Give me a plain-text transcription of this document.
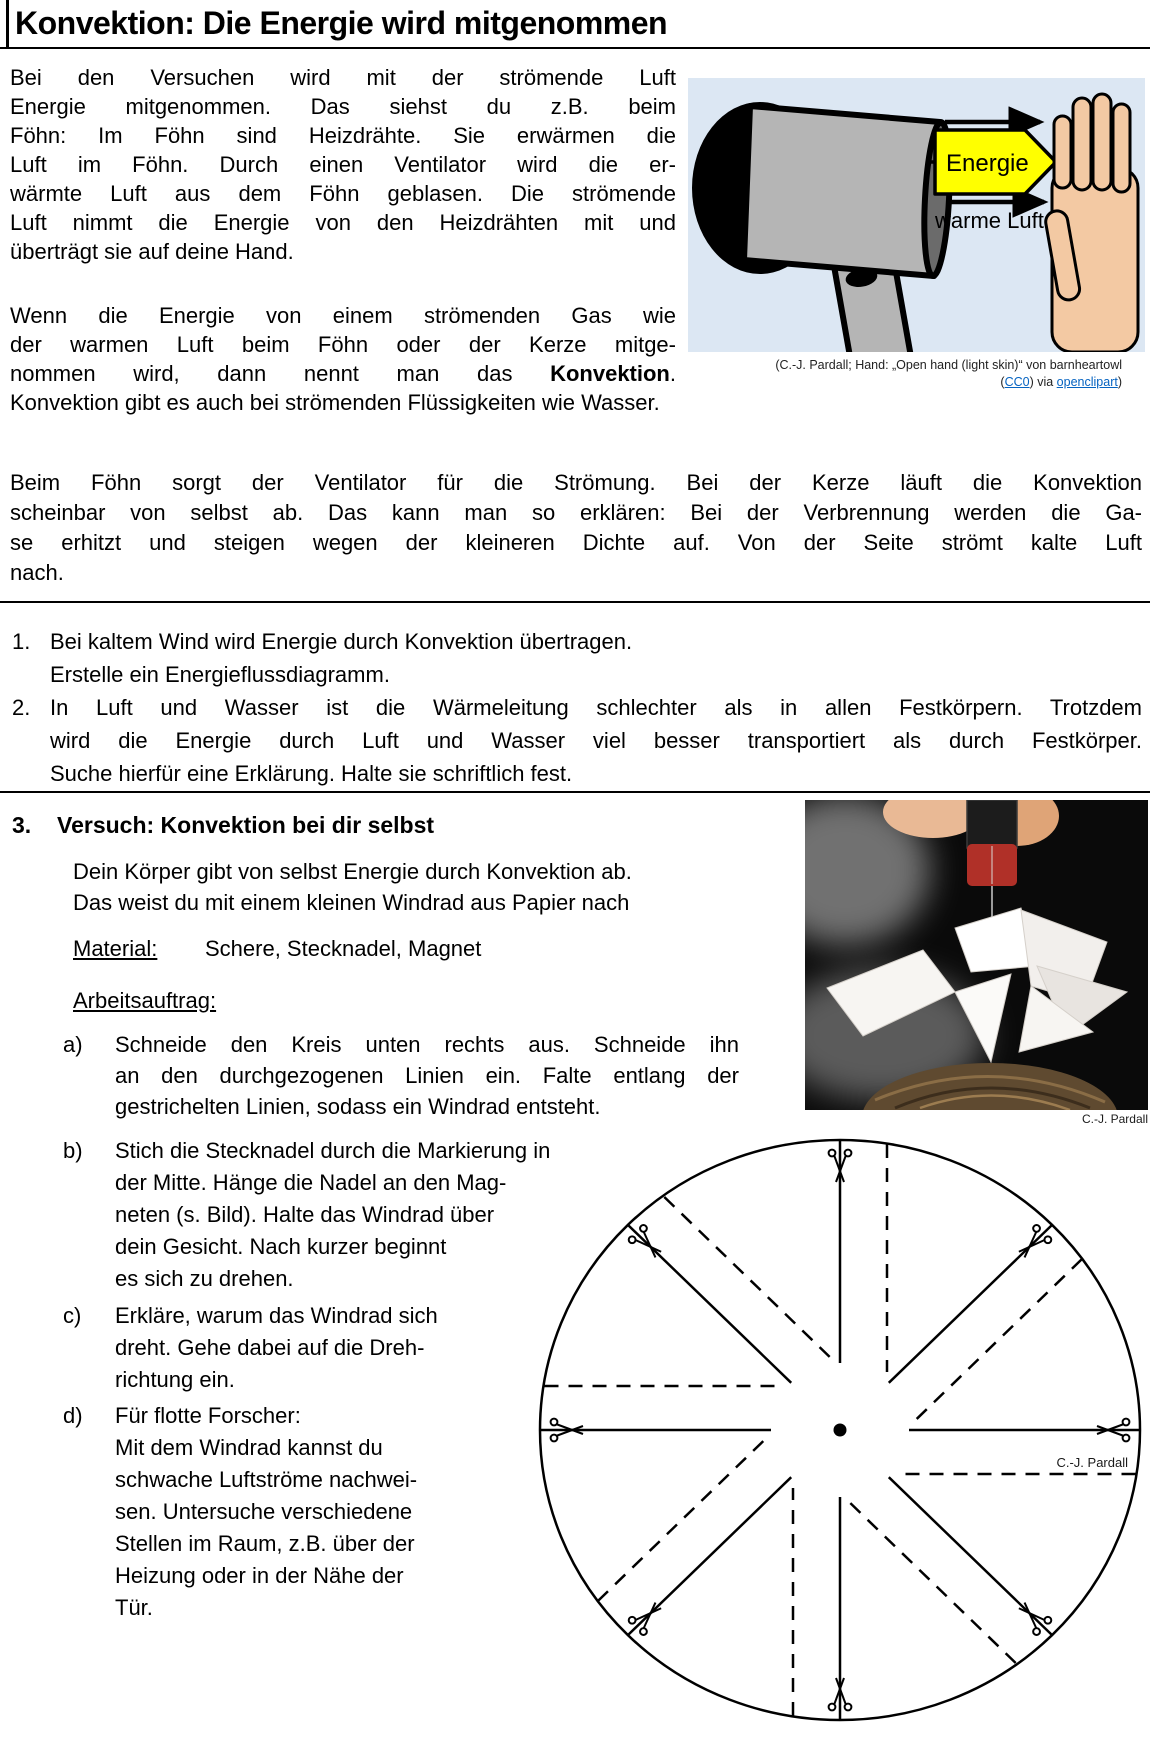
Konvektion: Die Energie wird mitgenommen
Bei den Versuchen wird mit der strömende Luft
Energie mitgenommen. Das siehst du z.B. beim
Föhn: Im Föhn sind Heizdrähte. Sie erwärmen die
Luft im Föhn. Durch einen Ventilator wird die er-
wärmte Luft aus dem Föhn geblasen. Die strömende
Luft nimmt die Energie von den Heizdrähten mit und
überträgt sie auf deine Hand.
Energie
warme Luft
(C.-J. Pardall; Hand: „Open hand (light skin)“ von barnheartowl
(CC0) via openclipart)
Wenn die Energie von einem strömenden Gas wie
der warmen Luft beim Föhn oder der Kerze mitge-
nommen wird, dann nennt man das Konvektion.
Konvektion gibt es auch bei strömenden Flüssigkeiten wie Wasser.
Beim Föhn sorgt der Ventilator für die Strömung. Bei der Kerze läuft die Konvektion
scheinbar von selbst ab. Das kann man so erklären: Bei der Verbrennung werden die Ga-
se erhitzt und steigen wegen der kleineren Dichte auf. Von der Seite strömt kalte Luft
nach.
1. Bei kaltem Wind wird Energie durch Konvektion übertragen.
Erstelle ein Energieflussdiagramm.
2. In Luft und Wasser ist die Wärmeleitung schlechter als in allen Festkörpern. Trotzdem
wird die Energie durch Luft und Wasser viel besser transportiert als durch Festkörper.
Suche hierfür eine Erklärung. Halte sie schriftlich fest.
3. Versuch: Konvektion bei dir selbst
Dein Körper gibt von selbst Energie durch Konvektion ab.
Das weist du mit einem kleinen Windrad aus Papier nach
Material: Schere, Stecknadel, Magnet
Arbeitsauftrag:
a) Schneide den Kreis unten rechts aus. Schneide ihn
an den durchgezogenen Linien ein. Falte entlang der
gestrichelten Linien, sodass ein Windrad entsteht.
b) Stich die Stecknadel durch die Markierung in
der Mitte. Hänge die Nadel an den Mag-
neten (s. Bild). Halte das Windrad über
dein Gesicht. Nach kurzer beginnt
es sich zu drehen.
c) Erkläre, warum das Windrad sich
dreht. Gehe dabei auf die Dreh-
richtung ein.
d) Für flotte Forscher:
Mit dem Windrad kannst du
schwache Luftströme nachwei-
sen. Untersuche verschiedene
Stellen im Raum, z.B. über der
Heizung oder in der Nähe der
Tür.
C.-J. Pardall
C.-J. Pardall
